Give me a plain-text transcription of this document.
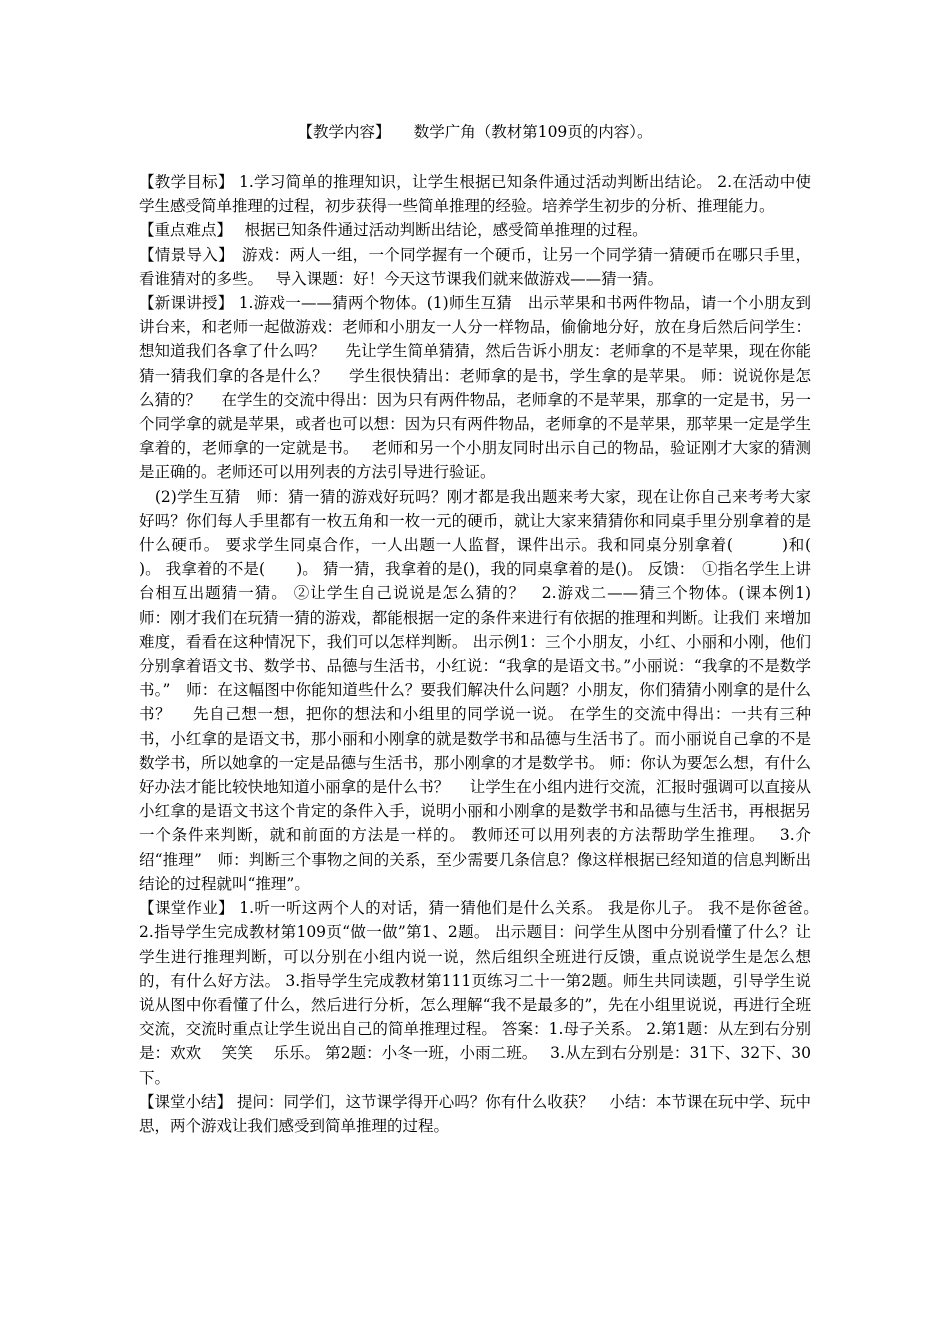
【教学内容】　　数学广角（教材第109页的内容）。

【教学目标】 1.学习简单的推理知识，让学生根据已知条件通过活动判断出结论。 2.在活动中使学生感受简单推理的过程，初步获得一些简单推理的经验。培养学生初步的分析、推理能力。

【重点难点】　 根据已知条件通过活动判断出结论，感受简单推理的过程。

【情景导入】　游戏：两人一组，一个同学握有一个硬币，让另一个同学猜一猜硬币在哪只手里，看谁猜对的多些。　 导入课题：好！今天这节课我们就来做游戏——猜一猜。

【新课讲授】 1.游戏一——猜两个物体。(1)师生互猜　出示苹果和书两件物品，请一个小朋友到讲台来，和老师一起做游戏：老师和小朋友一人分一样物品，偷偷地分好，放在身后然后问学生：想知道我们各拿了什么吗？　 先让学生简单猜猜，然后告诉小朋友：老师拿的不是苹果，现在你能猜一猜我们拿的各是什么？　 学生很快猜出：老师拿的是书，学生拿的是苹果。 师：说说你是怎么猜的？　 在学生的交流中得出：因为只有两件物品，老师拿的不是苹果，那拿的一定是书，另一个同学拿的就是苹果，或者也可以想：因为只有两件物品，老师拿的不是苹果，那苹果一定是学生拿着的，老师拿的一定就是书。　 老师和另一个小朋友同时出示自己的物品，验证刚才大家的猜测是正确的。老师还可以用列表的方法引导进行验证。

　(2)学生互猜　师：猜一猜的游戏好玩吗？刚才都是我出题来考大家，现在让你自己来考考大家好吗？你们每人手里都有一枚五角和一枚一元的硬币，就让大家来猜猜你和同桌手里分别拿着的是什么硬币。 要求学生同桌合作，一人出题一人监督，课件出示。我和同桌分别拿着(　　　)和(　　)。 我拿着的不是(　　)。 猜一猜，我拿着的是()，我的同桌拿着的是()。 反馈：　①指名学生上讲台相互出题猜一猜。 ②让学生自己说说是怎么猜的？　2.游戏二——猜三个物体。(课本例1)　 师：刚才我们在玩猜一猜的游戏，都能根据一定的条件来进行有依据的推理和判断。让我们 来增加难度，看看在这种情况下，我们可以怎样判断。 出示例1：三个小朋友，小红、小丽和小刚，他们分别拿着语文书、数学书、品德与生活书，小红说：“我拿的是语文书。”小丽说：“我拿的不是数学书。”　师：在这幅图中你能知道些什么？要我们解决什么问题？小朋友，你们猜猜小刚拿的是什么书？　 先自己想一想，把你的想法和小组里的同学说一说。 在学生的交流中得出：一共有三种书，小红拿的是语文书，那小丽和小刚拿的就是数学书和品德与生活书了。而小丽说自己拿的不是数学书，所以她拿的一定是品德与生活书，那小刚拿的才是数学书。 师：你认为要怎么想，有什么好办法才能比较快地知道小丽拿的是什么书？　 让学生在小组内进行交流，汇报时强调可以直接从小红拿的是语文书这个肯定的条件入手，说明小丽和小刚拿的是数学书和品德与生活书，再根据另一个条件来判断，就和前面的方法是一样的。 教师还可以用列表的方法帮助学生推理。　 3.介绍“推理”　师：判断三个事物之间的关系，至少需要几条信息？像这样根据已经知道的信息判断出结论的过程就叫“推理”。

【课堂作业】 1.听一听这两个人的对话，猜一猜他们是什么关系。 我是你儿子。 我不是你爸爸。　2.指导学生完成教材第109页“做一做”第1、2题。 出示题目：问学生从图中分别看懂了什么？让学生进行推理判断，可以分别在小组内说一说，然后组织全班进行反馈，重点说说学生是怎么想的，有什么好方法。 3.指导学生完成教材第111页练习二十一第2题。师生共同读题，引导学生说说从图中你看懂了什么，然后进行分析，怎么理解“我不是最多的”，先在小组里说说，再进行全班交流，交流时重点让学生说出自己的简单推理过程。 答案：1.母子关系。 2.第1题：从左到右分别是：欢欢　 笑笑　 乐乐。 第2题：小冬一班，小雨二班。　 3.从左到右分别是：31下、32下、30下。

【课堂小结】 提问：同学们，这节课学得开心吗？你有什么收获？　小结：本节课在玩中学、玩中思，两个游戏让我们感受到简单推理的过程。
